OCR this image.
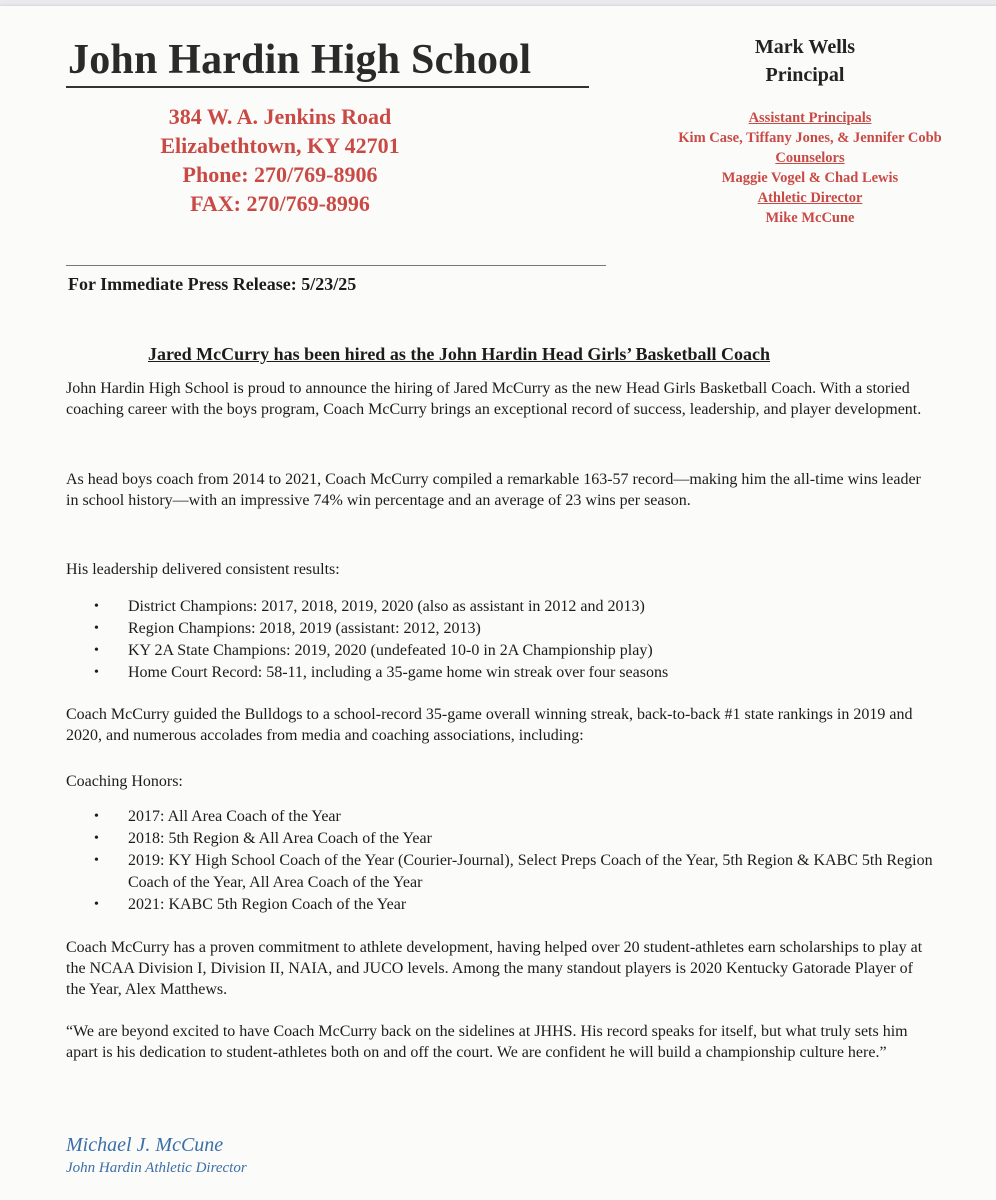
John Hardin High School
384 W. A. Jenkins Road
Elizabethtown, KY 42701
Phone: 270/769-8906
FAX: 270/769-8996
Mark Wells
Principal
Assistant Principals
Kim Case, Tiffany Jones, & Jennifer Cobb
Counselors
Maggie Vogel & Chad Lewis
Athletic Director
Mike McCune
For Immediate Press Release: 5/23/25
Jared McCurry has been hired as the John Hardin Head Girls’ Basketball Coach

John Hardin High School is proud to announce the hiring of Jared McCurry as the new Head Girls Basketball Coach. With a storied coaching career with the boys program, Coach McCurry brings an exceptional record of success, leadership, and player development.

As head boys coach from 2014 to 2021, Coach McCurry compiled a remarkable 163-57 record—making him the all-time wins leader in school history—with an impressive 74% win percentage and an average of 23 wins per season.

His leadership delivered consistent results:
• District Champions: 2017, 2018, 2019, 2020 (also as assistant in 2012 and 2013)
• Region Champions: 2018, 2019 (assistant: 2012, 2013)
• KY 2A State Champions: 2019, 2020 (undefeated 10-0 in 2A Championship play)
• Home Court Record: 58-11, including a 35-game home win streak over four seasons

Coach McCurry guided the Bulldogs to a school-record 35-game overall winning streak, back-to-back #1 state rankings in 2019 and 2020, and numerous accolades from media and coaching associations, including:

Coaching Honors:
• 2017: All Area Coach of the Year
• 2018: 5th Region & All Area Coach of the Year
• 2019: KY High School Coach of the Year (Courier-Journal), Select Preps Coach of the Year, 5th Region & KABC 5th Region Coach of the Year, All Area Coach of the Year
• 2021: KABC 5th Region Coach of the Year

Coach McCurry has a proven commitment to athlete development, having helped over 20 student-athletes earn scholarships to play at the NCAA Division I, Division II, NAIA, and JUCO levels. Among the many standout players is 2020 Kentucky Gatorade Player of the Year, Alex Matthews.

“We are beyond excited to have Coach McCurry back on the sidelines at JHHS. His record speaks for itself, but what truly sets him apart is his dedication to student-athletes both on and off the court. We are confident he will build a championship culture here.”

Michael J. McCune
John Hardin Athletic Director
